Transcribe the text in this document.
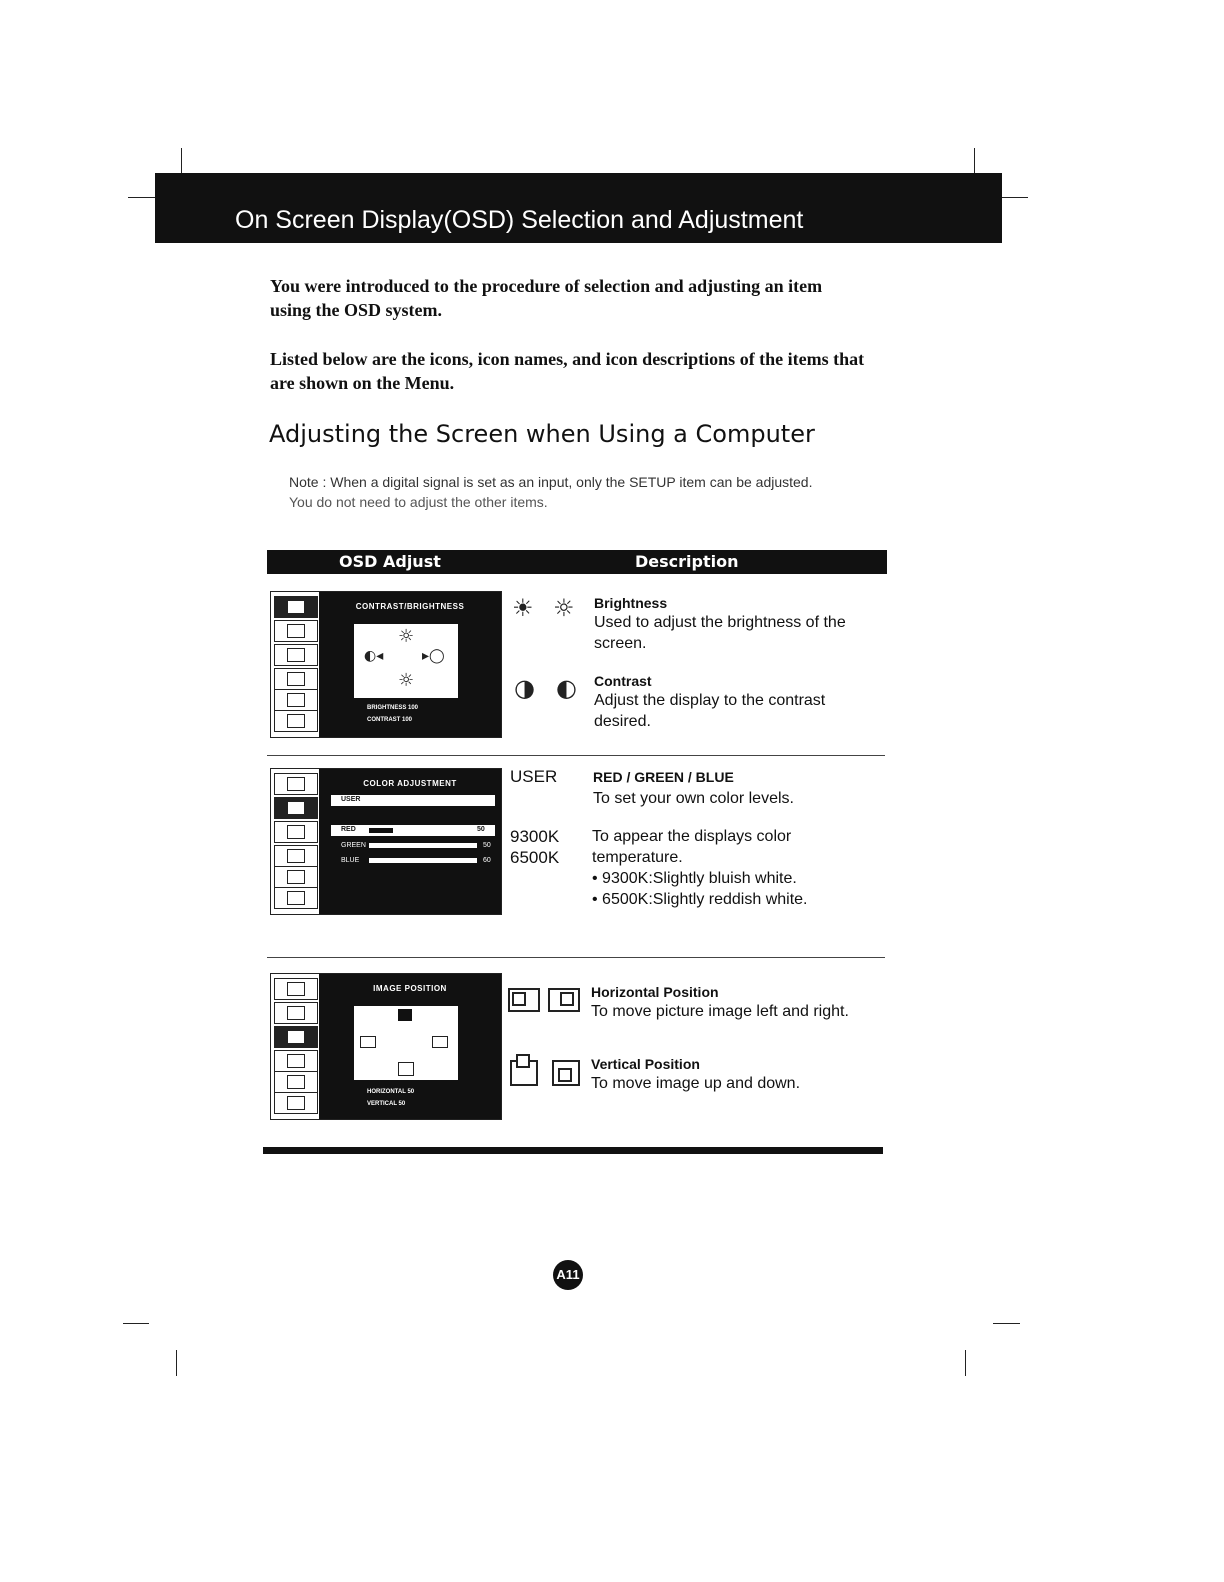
On Screen Display(OSD) Selection and Adjustment
You were introduced to the procedure of selection and adjusting an item
using the OSD system.
Listed below are the icons, icon names, and icon descriptions of the items that
are shown on the Menu.
Adjusting the Screen when Using a Computer
Note : When a digital signal is set as an input, only the SETUP item can be adjusted.
You do not need to adjust the other items.
OSD Adjust	Description
CONTRAST/BRIGHTNESS
☼
◐◂	▸◯
☼
BRIGHTNESS 100
CONTRAST 100
☀ ☼ Brightness
Used to adjust the brightness of the
screen.
◑ ◐ Contrast
Adjust the display to the contrast
desired.
COLOR ADJUSTMENT
USER
RED	50
GREEN	50
BLUE	60
USER	RED / GREEN / BLUE
To set your own color levels.
9300K
6500K
To appear the displays color
temperature.
• 9300K:Slightly bluish white.
• 6500K:Slightly reddish white.
IMAGE POSITION
HORIZONTAL 50
VERTICAL 50
Horizontal Position
To move picture image left and right.
Vertical Position
To move image up and down.
A11
